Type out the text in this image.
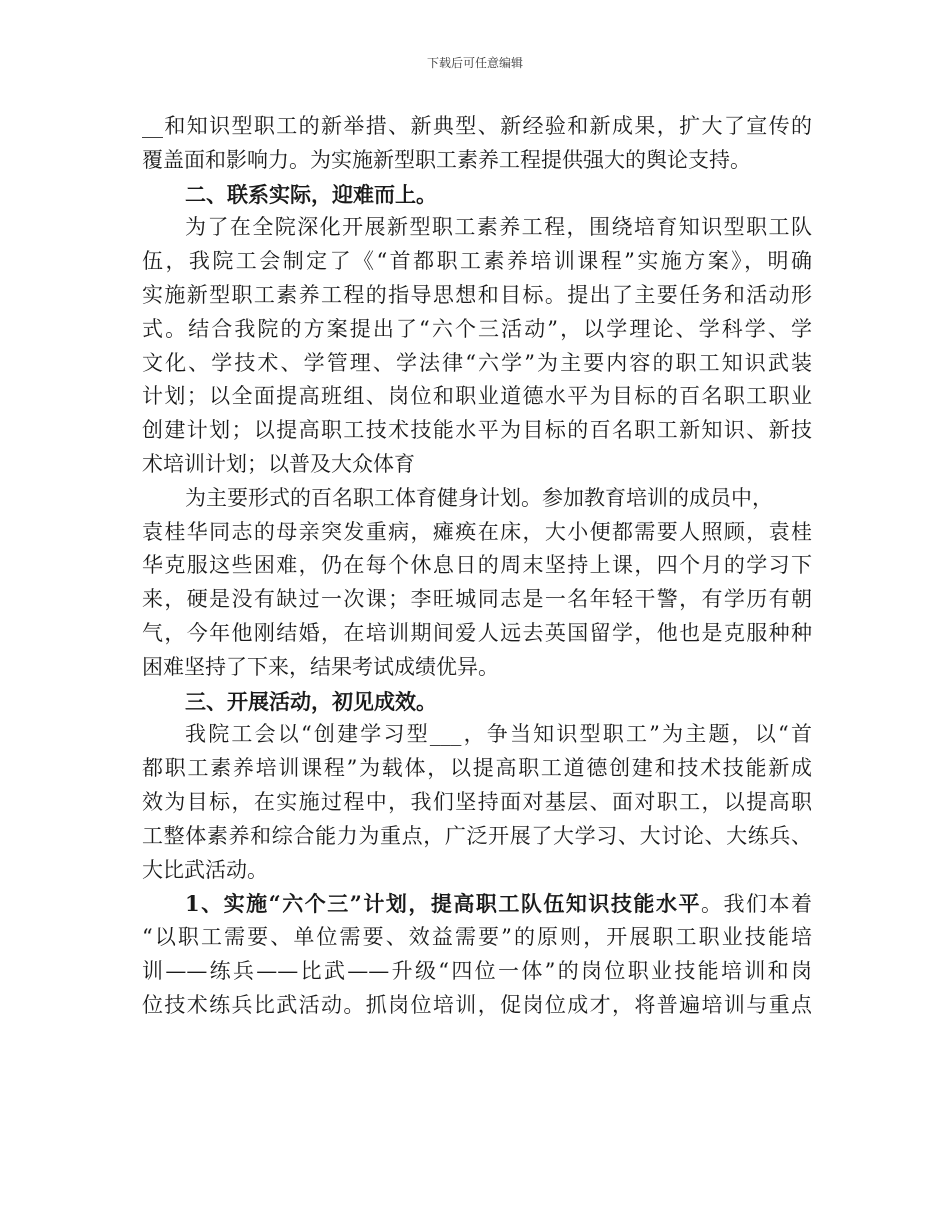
下载后可任意编辑
__和知识型职工的新举措、新典型、新经验和新成果，扩大了宣传的
覆盖面和影响力。为实施新型职工素养工程提供强大的舆论支持。
二、联系实际，迎难而上。
为了在全院深化开展新型职工素养工程，围绕培育知识型职工队
伍，我院工会制定了《“首都职工素养培训课程”实施方案》，明确
实施新型职工素养工程的指导思想和目标。提出了主要任务和活动形
式。结合我院的方案提出了“六个三活动”，以学理论、学科学、学
文化、学技术、学管理、学法律“六学”为主要内容的职工知识武装
计划；以全面提高班组、岗位和职业道德水平为目标的百名职工职业
创建计划；以提高职工技术技能水平为目标的百名职工新知识、新技
术培训计划；以普及大众体育
为主要形式的百名职工体育健身计划。参加教育培训的成员中，
袁桂华同志的母亲突发重病，瘫痪在床，大小便都需要人照顾，袁桂
华克服这些困难，仍在每个休息日的周末坚持上课，四个月的学习下
来，硬是没有缺过一次课；李旺城同志是一名年轻干警，有学历有朝
气，今年他刚结婚，在培训期间爱人远去英国留学，他也是克服种种
困难坚持了下来，结果考试成绩优异。
三、开展活动，初见成效。
我院工会以“创建学习型___，争当知识型职工”为主题，以“首
都职工素养培训课程”为载体，以提高职工道德创建和技术技能新成
效为目标，在实施过程中，我们坚持面对基层、面对职工，以提高职
工整体素养和综合能力为重点，广泛开展了大学习、大讨论、大练兵、
大比武活动。
1、实施“六个三”计划，提高职工队伍知识技能水平。我们本着
“以职工需要、单位需要、效益需要”的原则，开展职工职业技能培
训——练兵——比武——升级“四位一体”的岗位职业技能培训和岗
位技术练兵比武活动。抓岗位培训，促岗位成才，将普遍培训与重点
